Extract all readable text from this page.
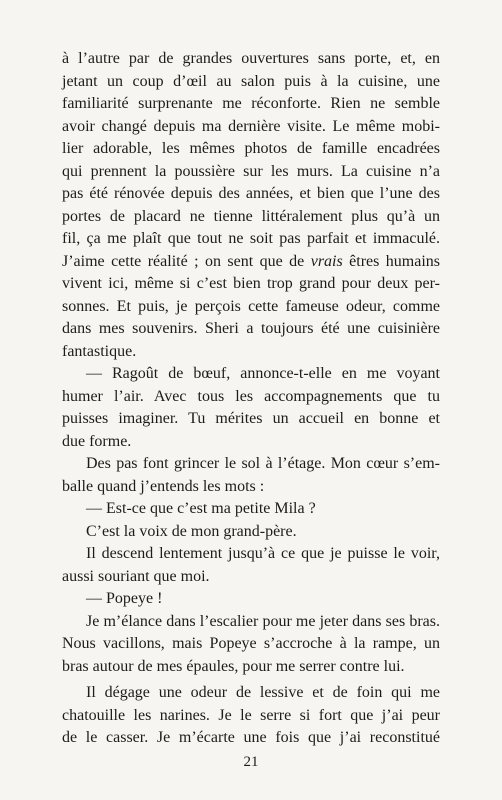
à l’autre par de grandes ouvertures sans porte, et, en
jetant un coup d’œil au salon puis à la cuisine, une
familiarité surprenante me réconforte. Rien ne semble
avoir changé depuis ma dernière visite. Le même mobi-
lier adorable, les mêmes photos de famille encadrées
qui prennent la poussière sur les murs. La cuisine n’a
pas été rénovée depuis des années, et bien que l’une des
portes de placard ne tienne littéralement plus qu’à un
fil, ça me plaît que tout ne soit pas parfait et immaculé.
J’aime cette réalité ; on sent que de vrais êtres humains
vivent ici, même si c’est bien trop grand pour deux per-
sonnes. Et puis, je perçois cette fameuse odeur, comme
dans mes souvenirs. Sheri a toujours été une cuisinière
fantastique.
— Ragoût de bœuf, annonce-t-elle en me voyant
humer l’air. Avec tous les accompagnements que tu
puisses imaginer. Tu mérites un accueil en bonne et
due forme.
Des pas font grincer le sol à l’étage. Mon cœur s’em-
balle quand j’entends les mots :
— Est-ce que c’est ma petite Mila ?
C’est la voix de mon grand-père.
Il descend lentement jusqu’à ce que je puisse le voir,
aussi souriant que moi.
— Popeye !
Je m’élance dans l’escalier pour me jeter dans ses bras.
Nous vacillons, mais Popeye s’accroche à la rampe, un
bras autour de mes épaules, pour me serrer contre lui.
Il dégage une odeur de lessive et de foin qui me
chatouille les narines. Je le serre si fort que j’ai peur
de le casser. Je m’écarte une fois que j’ai reconstitué
21
